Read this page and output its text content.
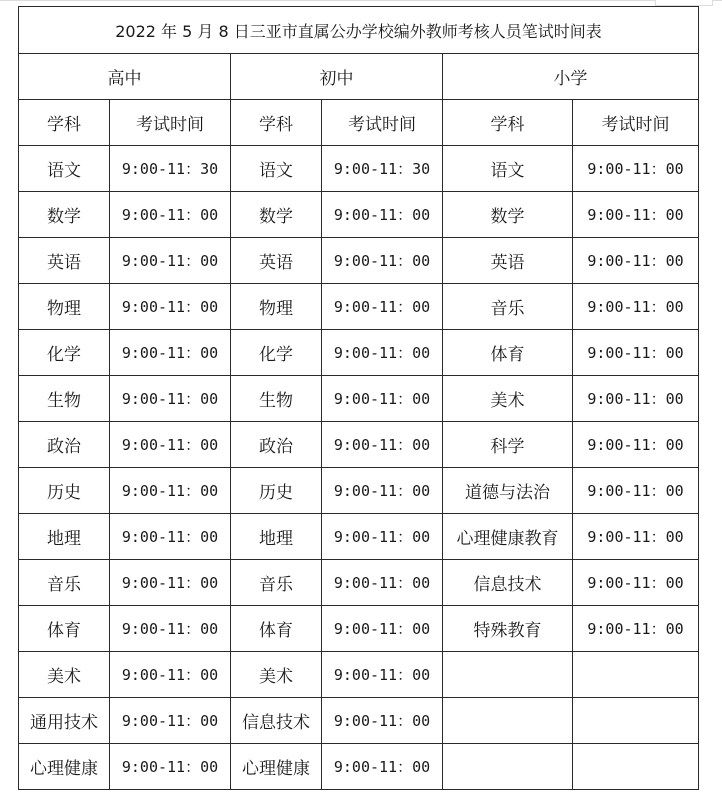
2022 年 5 月 8 日三亚市直属公办学校编外教师考核人员笔试时间表					
高中		初中		小学	
学科	考试时间	学科	考试时间	学科	考试时间
语文	9:00-11：30	语文	9:00-11：30	语文	9:00-11：00
数学	9:00-11：00	数学	9:00-11：00	数学	9:00-11：00
英语	9:00-11：00	英语	9:00-11：00	英语	9:00-11：00
物理	9:00-11：00	物理	9:00-11：00	音乐	9:00-11：00
化学	9:00-11：00	化学	9:00-11：00	体育	9:00-11：00
生物	9:00-11：00	生物	9:00-11：00	美术	9:00-11：00
政治	9:00-11：00	政治	9:00-11：00	科学	9:00-11：00
历史	9:00-11：00	历史	9:00-11：00	道德与法治	9:00-11：00
地理	9:00-11：00	地理	9:00-11：00	心理健康教育	9:00-11：00
音乐	9:00-11：00	音乐	9:00-11：00	信息技术	9:00-11：00
体育	9:00-11：00	体育	9:00-11：00	特殊教育	9:00-11：00
美术	9:00-11：00	美术	9:00-11：00		
通用技术	9:00-11：00	信息技术	9:00-11：00		
心理健康	9:00-11：00	心理健康	9:00-11：00		
